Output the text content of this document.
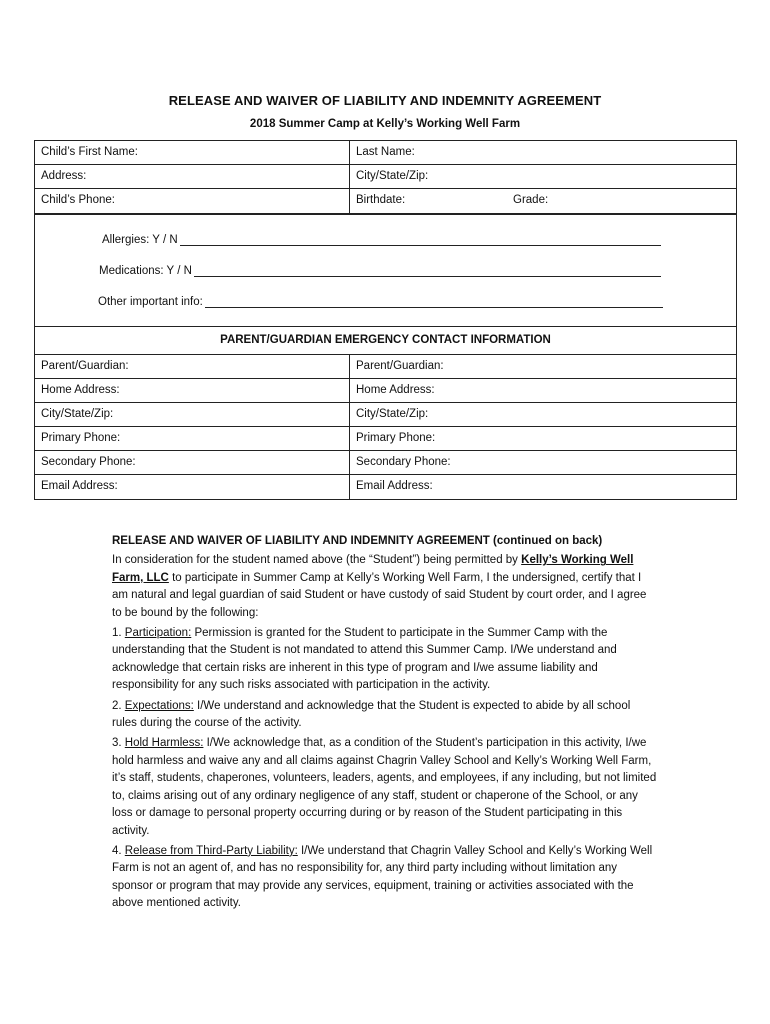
RELEASE AND WAIVER OF LIABILITY AND INDEMNITY AGREEMENT
2018 Summer Camp at Kelly’s Working Well Farm
Child’s First Name:	Last Name:
Address:	City/State/Zip:
Child’s Phone:	Birthdate:	Grade:
Allergies: Y / N
Medications: Y / N
Other important info:
PARENT/GUARDIAN EMERGENCY CONTACT INFORMATION
Parent/Guardian:	Parent/Guardian:
Home Address:	Home Address:
City/State/Zip:	City/State/Zip:
Primary Phone:	Primary Phone:
Secondary Phone:	Secondary Phone:
Email Address:	Email Address:

RELEASE AND WAIVER OF LIABILITY AND INDEMNITY AGREEMENT (continued on back)

In consideration for the student named above (the “Student”) being permitted by Kelly’s Working Well Farm, LLC to participate in Summer Camp at Kelly’s Working Well Farm, I the undersigned, certify that I am natural and legal guardian of said Student or have custody of said Student by court order, and I agree to be bound by the following:

1. Participation: Permission is granted for the Student to participate in the Summer Camp with the understanding that the Student is not mandated to attend this Summer Camp. I/We understand and acknowledge that certain risks are inherent in this type of program and I/we assume liability and responsibility for any such risks associated with participation in the activity.

2. Expectations: I/We understand and acknowledge that the Student is expected to abide by all school rules during the course of the activity.

3. Hold Harmless: I/We acknowledge that, as a condition of the Student’s participation in this activity, I/we hold harmless and waive any and all claims against Chagrin Valley School and Kelly’s Working Well Farm, it’s staff, students, chaperones, volunteers, leaders, agents, and employees, if any including, but not limited to, claims arising out of any ordinary negligence of any staff, student or chaperone of the School, or any loss or damage to personal property occurring during or by reason of the Student participating in this activity.

4. Release from Third-Party Liability: I/We understand that Chagrin Valley School and Kelly’s Working Well Farm is not an agent of, and has no responsibility for, any third party including without limitation any sponsor or program that may provide any services, equipment, training or activities associated with the above mentioned activity.
